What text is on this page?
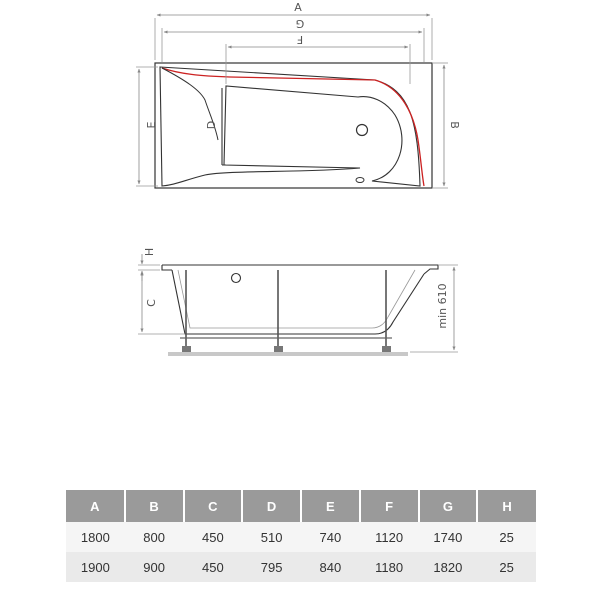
A
G
F
E	B
D
H
C	min 610
A	B	C	D	E	F	G	H
1800	800	450	510	740	1120	1740	25
1900	900	450	795	840	1180	1820	25
